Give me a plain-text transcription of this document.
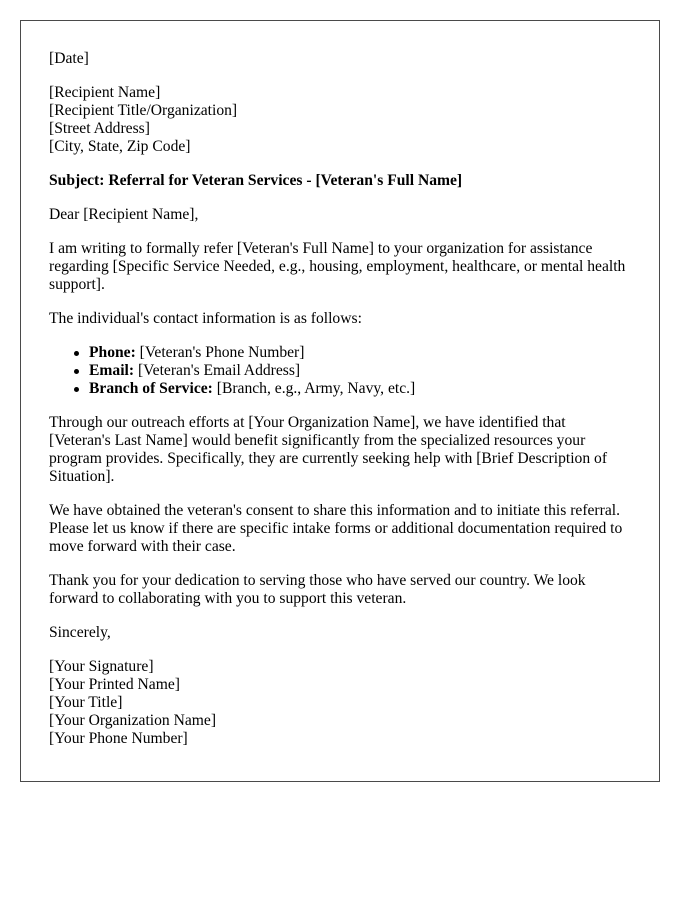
[Date]
[Recipient Name]
[Recipient Title/Organization]
[Street Address]
[City, State, Zip Code]
Subject: Referral for Veteran Services - [Veteran's Full Name]
Dear [Recipient Name],
I am writing to formally refer [Veteran's Full Name] to your organization for assistance regarding [Specific Service Needed, e.g., housing, employment, healthcare, or mental health support].
The individual's contact information is as follows:
Phone: [Veteran's Phone Number]
Email: [Veteran's Email Address]
Branch of Service: [Branch, e.g., Army, Navy, etc.]
Through our outreach efforts at [Your Organization Name], we have identified that [Veteran's Last Name] would benefit significantly from the specialized resources your program provides. Specifically, they are currently seeking help with [Brief Description of Situation].
We have obtained the veteran's consent to share this information and to initiate this referral. Please let us know if there are specific intake forms or additional documentation required to move forward with their case.
Thank you for your dedication to serving those who have served our country. We look forward to collaborating with you to support this veteran.
Sincerely,
[Your Signature]
[Your Printed Name]
[Your Title]
[Your Organization Name]
[Your Phone Number]
